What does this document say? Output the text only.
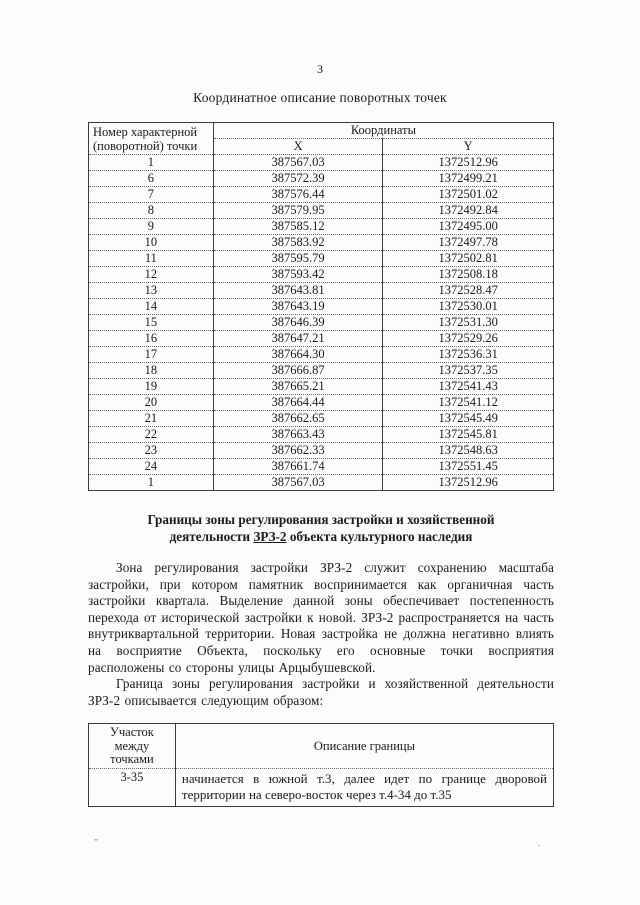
3
Координатное описание поворотных точек
Номер характерной (поворотной) точки	Координаты	
	X	Y
1	387567.03	1372512.96
6	387572.39	1372499.21
7	387576.44	1372501.02
8	387579.95	1372492.84
9	387585.12	1372495.00
10	387583.92	1372497.78
11	387595.79	1372502.81
12	387593.42	1372508.18
13	387643.81	1372528.47
14	387643.19	1372530.01
15	387646.39	1372531.30
16	387647.21	1372529.26
17	387664.30	1372536.31
18	387666.87	1372537.35
19	387665.21	1372541.43
20	387664.44	1372541.12
21	387662.65	1372545.49
22	387663.43	1372545.81
23	387662.33	1372548.63
24	387661.74	1372551.45
1	387567.03	1372512.96
Границы зоны регулирования застройки и хозяйственной деятельности ЗРЗ-2 объекта культурного наследия

Зона регулирования застройки ЗРЗ-2 служит сохранению масштаба застройки, при котором памятник воспринимается как органичная часть застройки квартала. Выделение данной зоны обеспечивает постепенность перехода от исторической застройки к новой. ЗРЗ-2 распространяется на часть внутриквартальной территории. Новая застройка не должна негативно влиять на восприятие Объекта, поскольку его основные точки восприятия расположены со стороны улицы Арцыбушевской.

Граница зоны регулирования застройки и хозяйственной деятельности ЗРЗ-2 описывается следующим образом:

Участок между точками	Описание границы
3-35	начинается в южной т.3, далее идет по границе дворовой территории на северо-восток через т.4-34 до т.35
„
.
